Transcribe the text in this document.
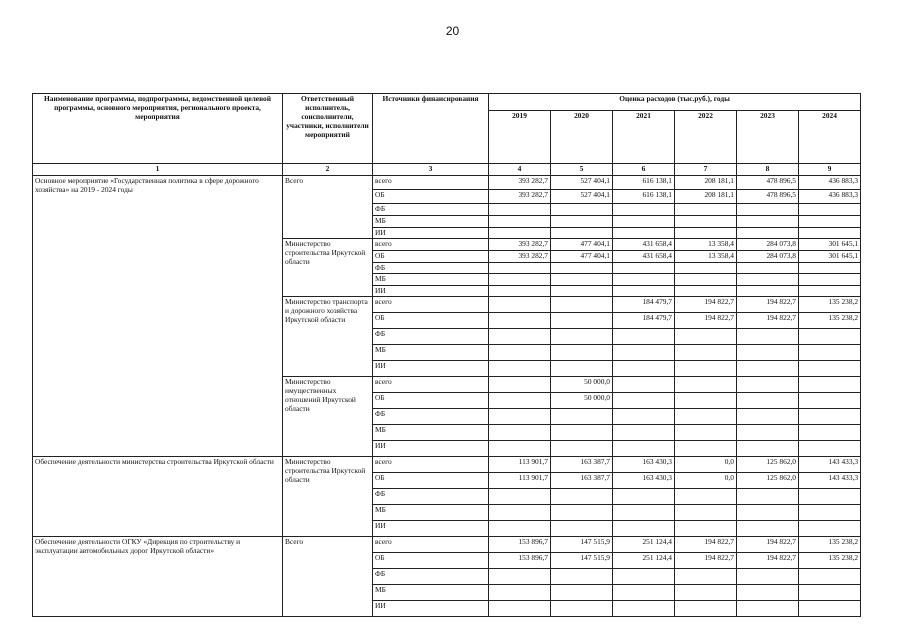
20
Наименование программы, подпрограммы, ведомственной целевой программы, основного мероприятия, регионального проекта, мероприятия	Ответственный исполнитель, соисполнители, участники, исполнители мероприятий	Источники финансирования	Оценка расходов (тыс.руб.), годы					
			2019	2020	2021	2022	2023	2024
1	2	3	4	5	6	7	8	9
Основное мероприятие «Государственная политика в сфере дорожного хозяйства» на 2019 - 2024 годы	Всего	всего	393 282,7	527 404,1	616 138,1	208 181,1	478 896,5	436 883,3
		ОБ	393 282,7	527 404,1	616 138,1	208 181,1	478 896,5	436 883,3
		ФБ						
		МБ						
		ИИ						
	Министерство строительства Иркутской области	всего	393 282,7	477 404,1	431 658,4	13 358,4	284 073,8	301 645,1
		ОБ	393 282,7	477 404,1	431 658,4	13 358,4	284 073,8	301 645,1
		ФБ						
		МБ						
		ИИ						
	Министерство транспорта и дорожного хозяйства Иркутской области	всего			184 479,7	194 822,7	194 822,7	135 238,2
		ОБ			184 479,7	194 822,7	194 822,7	135 238,2
		ФБ						
		МБ						
		ИИ						
	Министерство имущественных отношений Иркутской области	всего		50 000,0				
		ОБ		50 000,0				
		ФБ						
		МБ						
		ИИ						
Обеспечение деятельности министерства строительства Иркутской области	Министерство строительства Иркутской области	всего	113 901,7	163 387,7	163 430,3	0,0	125 862,0	143 433,3
		ОБ	113 901,7	163 387,7	163 430,3	0,0	125 862,0	143 433,3
		ФБ						
		МБ						
		ИИ						
Обеспечение деятельности ОГКУ «Дирекция по строительству и эксплуатации автомобильных дорог Иркутской области»	Всего	всего	153 896,7	147 515,9	251 124,4	194 822,7	194 822,7	135 238,2
		ОБ	153 896,7	147 515,9	251 124,4	194 822,7	194 822,7	135 238,2
		ФБ						
		МБ						
		ИИ						
